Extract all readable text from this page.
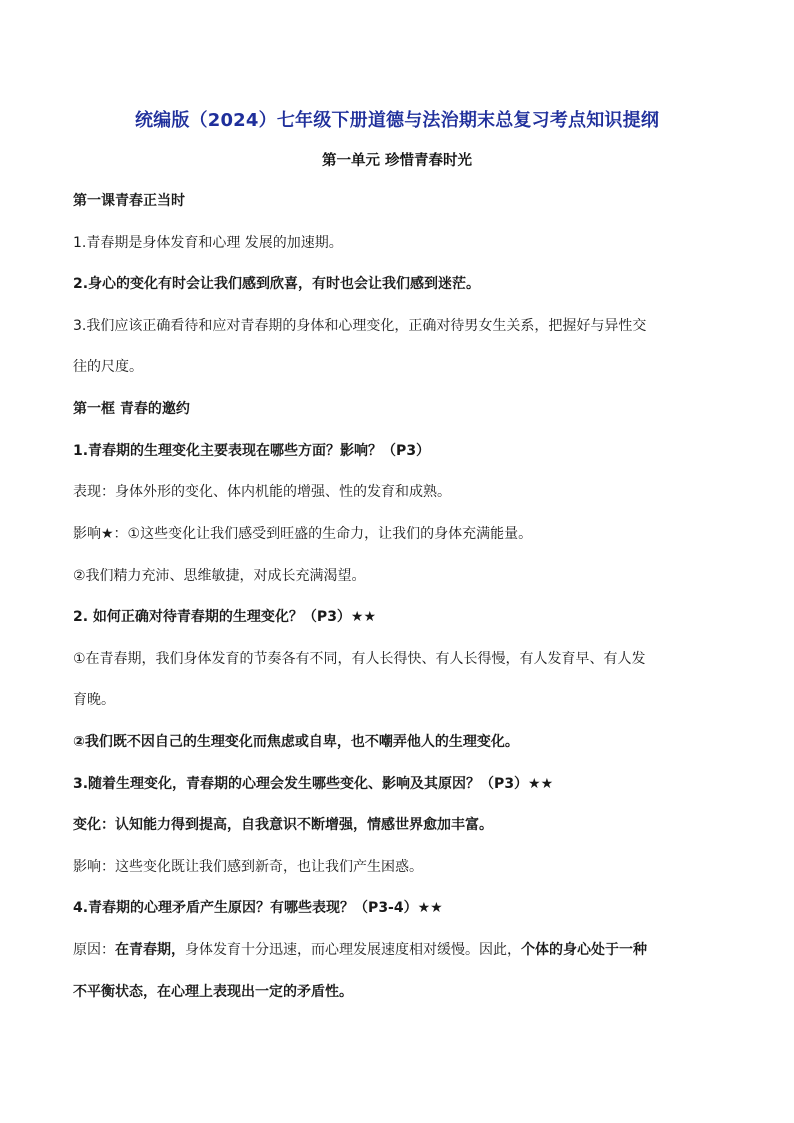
统编版（2024）七年级下册道德与法治期末总复习考点知识提纲
第一单元 珍惜青春时光
第一课青春正当时
1.青春期是身体发育和心理 发展的加速期。
2.身心的变化有时会让我们感到欣喜，有时也会让我们感到迷茫。
3.我们应该正确看待和应对青春期的身体和心理变化，正确对待男女生关系，把握好与异性交
往的尺度。
第一框 青春的邀约
1.青春期的生理变化主要表现在哪些方面？影响？（P3）
表现：身体外形的变化、体内机能的增强、性的发育和成熟。
影响★：①这些变化让我们感受到旺盛的生命力，让我们的身体充满能量。
②我们精力充沛、思维敏捷，对成长充满渴望。
2. 如何正确对待青春期的生理变化？（P3）★★
①在青春期，我们身体发育的节奏各有不同，有人长得快、有人长得慢，有人发育早、有人发
育晚。
②我们既不因自己的生理变化而焦虑或自卑，也不嘲弄他人的生理变化。
3.随着生理变化，青春期的心理会发生哪些变化、影响及其原因？（P3）★★
变化：认知能力得到提高，自我意识不断增强，情感世界愈加丰富。
影响：这些变化既让我们感到新奇，也让我们产生困惑。
4.青春期的心理矛盾产生原因？有哪些表现？（P3-4）★★
原因：在青春期，身体发育十分迅速，而心理发展速度相对缓慢。因此，个体的身心处于一种
不平衡状态，在心理上表现出一定的矛盾性。
